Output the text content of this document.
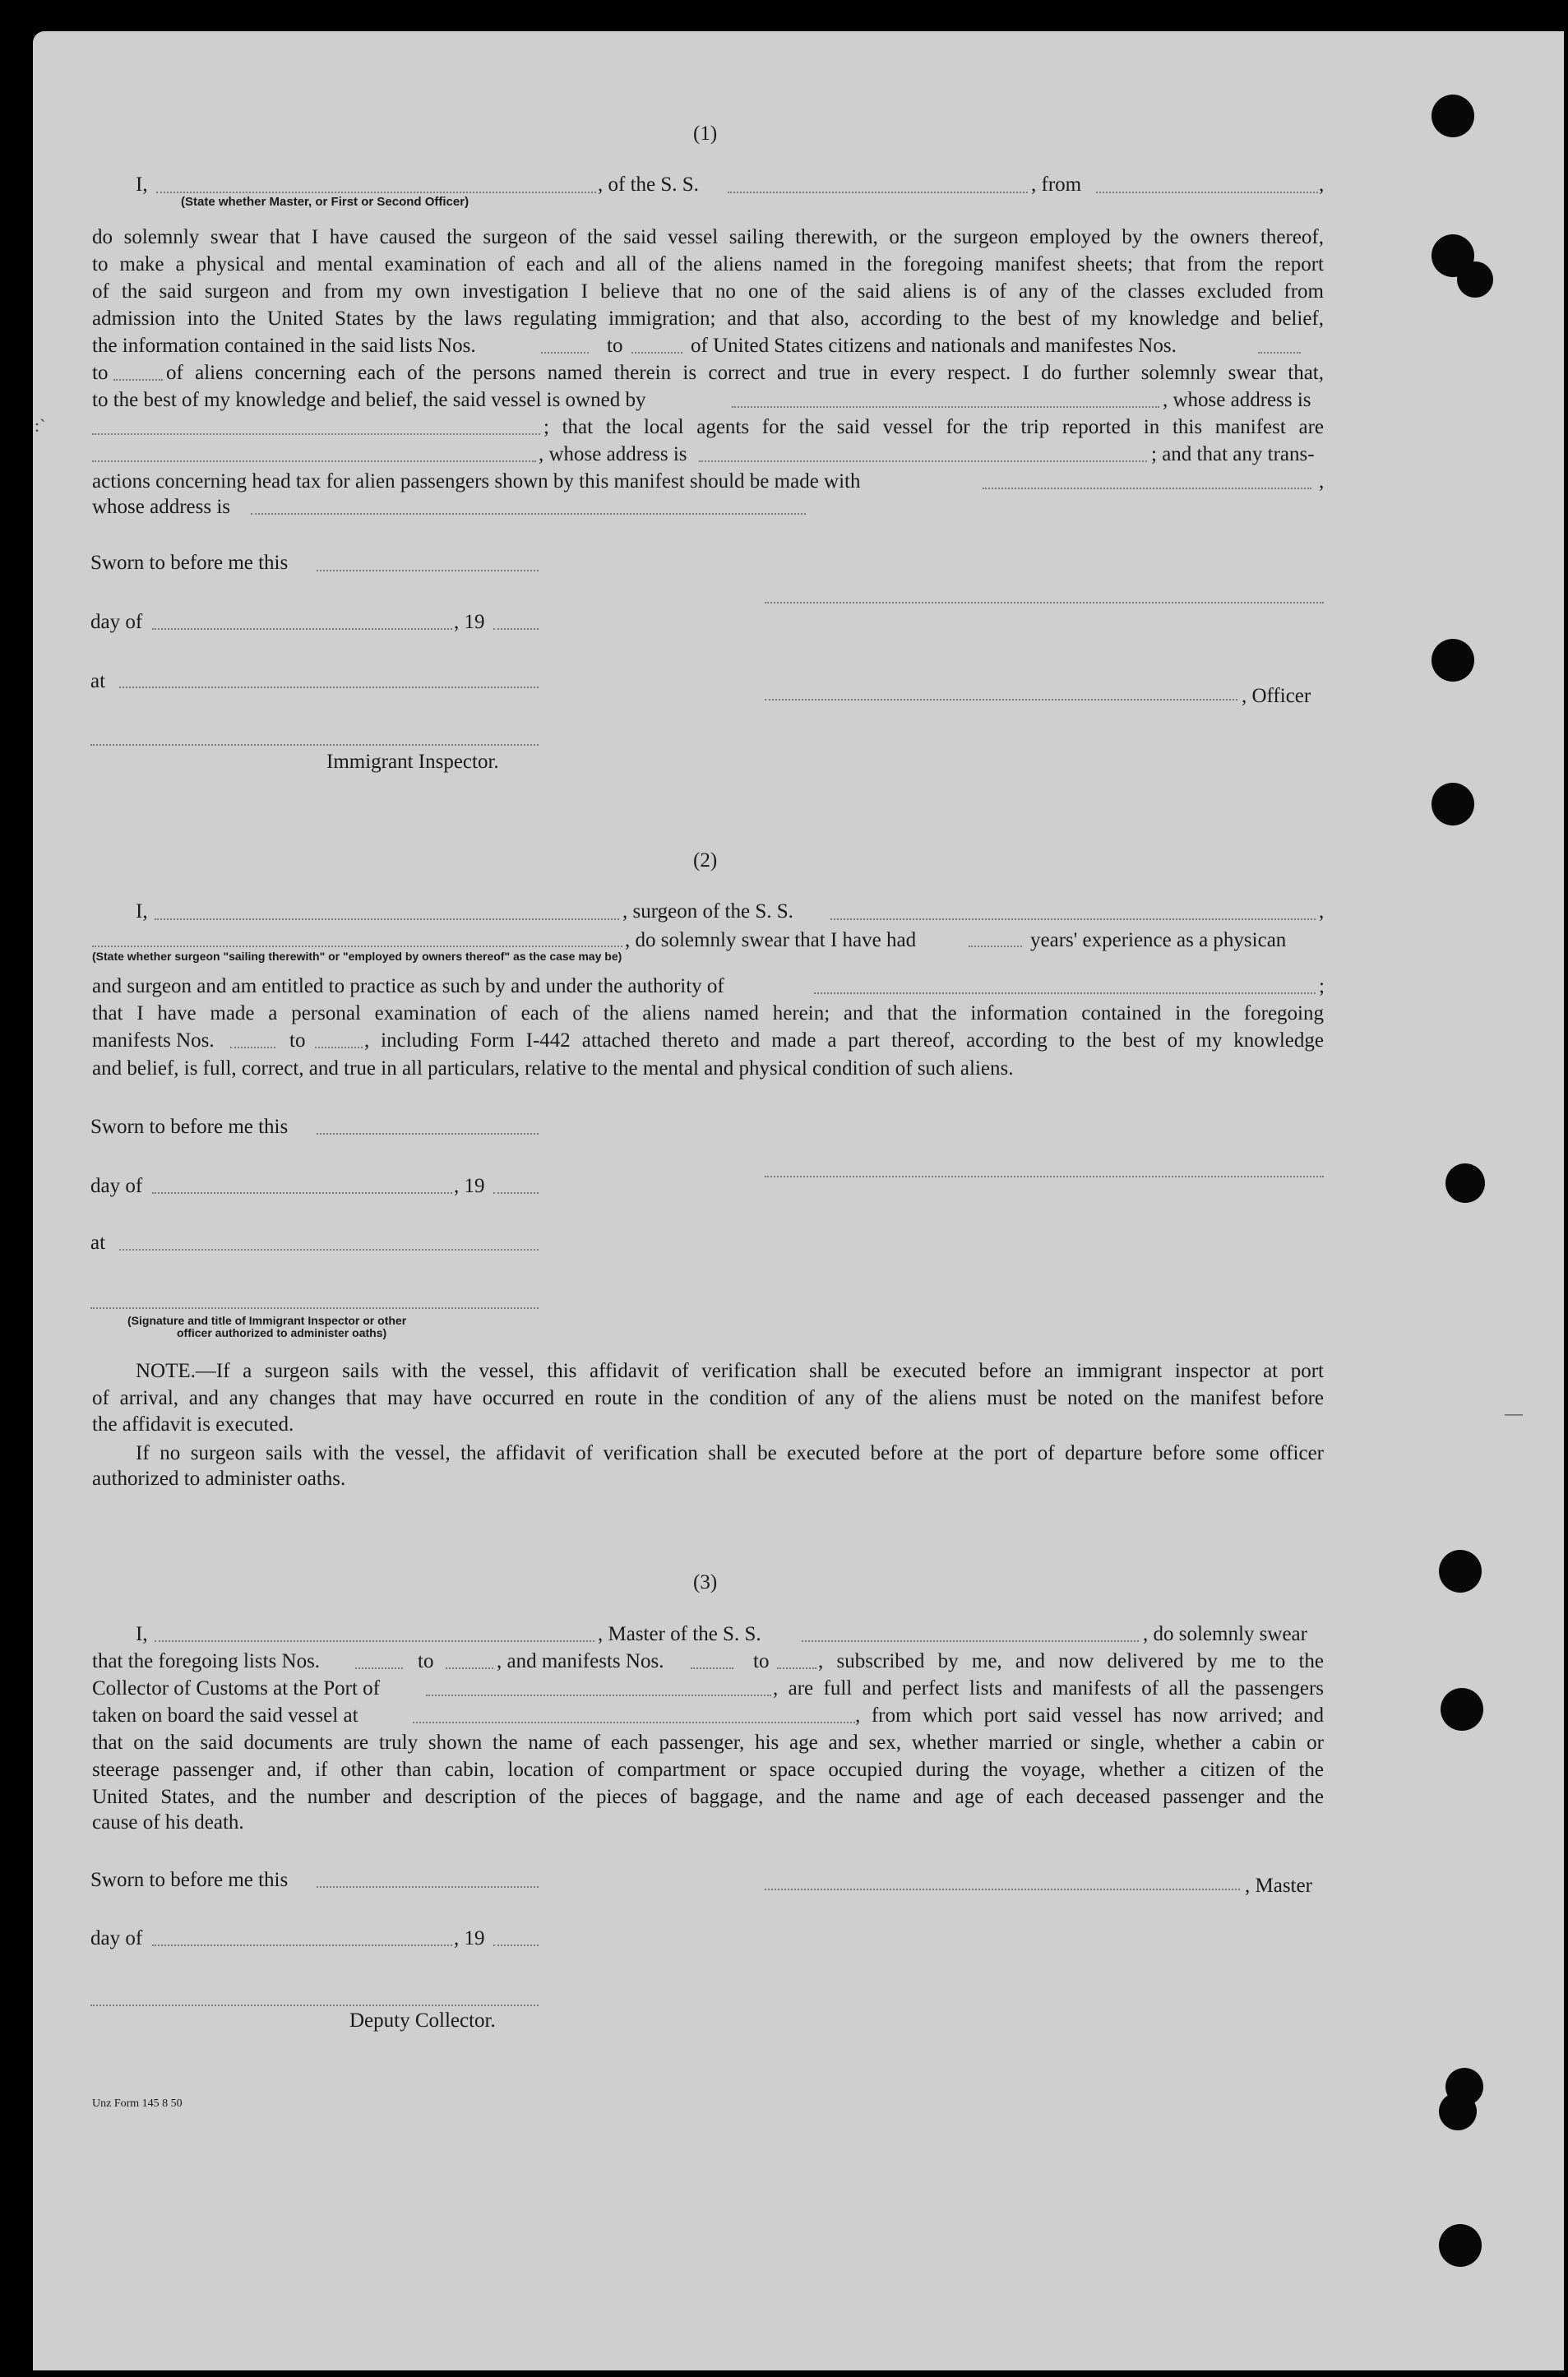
—
:`
(1)
I,	, of the S. S.	, from	,
(State whether Master, or First or Second Officer)
do solemnly swear that I have caused the surgeon of the said vessel sailing therewith, or the surgeon employed by the owners thereof,
to make a physical and mental examination of each and all of the aliens named in the foregoing manifest sheets; that from the report
of the said surgeon and from my own investigation I believe that no one of the said aliens is of any of the classes excluded from
admission into the United States by the laws regulating immigration; and that also, according to the best of my knowledge and belief,
the information contained in the said lists Nos.	to	of United States citizens and nationals and manifestes Nos.
to	of aliens concerning each of the persons named therein is correct and true in every respect. I do further solemnly swear that,
to the best of my knowledge and belief, the said vessel is owned by	, whose address is
; that the local agents for the said vessel for the trip reported in this manifest are
, whose address is	; and that any trans-
actions concerning head tax for alien passengers shown by this manifest should be made with	,
whose address is
Sworn to before me this
day of	, 19
at
, Officer
Immigrant Inspector.
(2)
I,	, surgeon of the S. S.	,
, do solemnly swear that I have had	years' experience as a physican
(State whether surgeon "sailing therewith" or "employed by owners thereof" as the case may be)
and surgeon and am entitled to practice as such by and under the authority of	;
that I have made a personal examination of each of the aliens named herein; and that the information contained in the foregoing
manifests Nos.	to	, including Form I-442 attached thereto and made a part thereof, according to the best of my knowledge
and belief, is full, correct, and true in all particulars, relative to the mental and physical condition of such aliens.
Sworn to before me this
day of	, 19
at
(Signature and title of Immigrant Inspector or other
officer authorized to administer oaths)
NOTE.—If a surgeon sails with the vessel, this affidavit of verification shall be executed before an immigrant inspector at port
of arrival, and any changes that may have occurred en route in the condition of any of the aliens must be noted on the manifest before
the affidavit is executed.
If no surgeon sails with the vessel, the affidavit of verification shall be executed before at the port of departure before some officer
authorized to administer oaths.
(3)
I,	, Master of the S. S.	, do solemnly swear
that the foregoing lists Nos.	to	, and manifests Nos.	to , subscribed by me, and now delivered by me to the
Collector of Customs at the Port of	, are full and perfect lists and manifests of all the passengers
taken on board the said vessel at	, from which port said vessel has now arrived; and
that on the said documents are truly shown the name of each passenger, his age and sex, whether married or single, whether a cabin or
steerage passenger and, if other than cabin, location of compartment or space occupied during the voyage, whether a citizen of the
United States, and the number and description of the pieces of baggage, and the name and age of each deceased passenger and the
cause of his death.
Sworn to before me this	, Master
day of	, 19
Deputy Collector.
Unz Form 145 8 50
